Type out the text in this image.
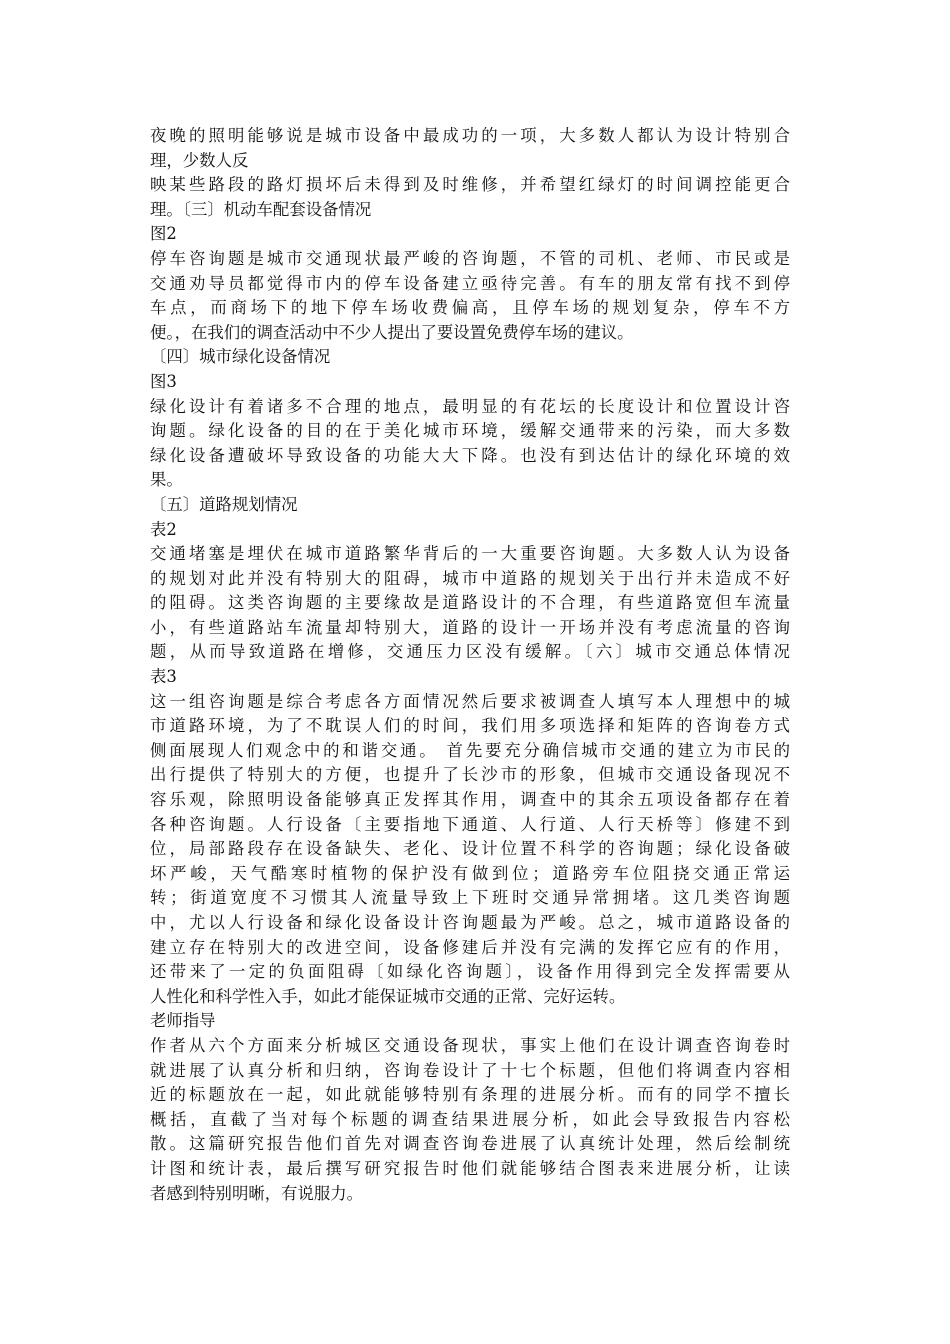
夜晚的照明能够说是城市设备中最成功的一项，大多数人都认为设计特别合
理，少数人反
映某些路段的路灯损坏后未得到及时维修，并希望红绿灯的时间调控能更合
理。〔三〕机动车配套设备情况
图2
停车咨询题是城市交通现状最严峻的咨询题，不管的司机、老师、市民或是
交通劝导员都觉得市内的停车设备建立亟待完善。有车的朋友常有找不到停
车点，而商场下的地下停车场收费偏高，且停车场的规划复杂，停车不方
便。，在我们的调查活动中不少人提出了要设置免费停车场的建议。
〔四〕城市绿化设备情况
图3
绿化设计有着诸多不合理的地点，最明显的有花坛的长度设计和位置设计咨
询题。绿化设备的目的在于美化城市环境，缓解交通带来的污染，而大多数
绿化设备遭破坏导致设备的功能大大下降。也没有到达估计的绿化环境的效
果。
〔五〕道路规划情况
表2
交通堵塞是埋伏在城市道路繁华背后的一大重要咨询题。大多数人认为设备
的规划对此并没有特别大的阻碍，城市中道路的规划关于出行并未造成不好
的阻碍。这类咨询题的主要缘故是道路设计的不合理，有些道路宽但车流量
小，有些道路站车流量却特别大，道路的设计一开场并没有考虑流量的咨询
题，从而导致道路在增修，交通压力区没有缓解。〔六〕城市交通总体情况
表3
这一组咨询题是综合考虑各方面情况然后要求被调查人填写本人理想中的城
市道路环境，为了不耽误人们的时间，我们用多项选择和矩阵的咨询卷方式
侧面展现人们观念中的和谐交通。 首先要充分确信城市交通的建立为市民的
出行提供了特别大的方便，也提升了长沙市的形象，但城市交通设备现况不
容乐观，除照明设备能够真正发挥其作用，调查中的其余五项设备都存在着
各种咨询题。人行设备〔主要指地下通道、人行道、人行天桥等〕修建不到
位，局部路段存在设备缺失、老化、设计位置不科学的咨询题；绿化设备破
坏严峻，天气酷寒时植物的保护没有做到位；道路旁车位阻挠交通正常运
转；街道宽度不习惯其人流量导致上下班时交通异常拥堵。这几类咨询题
中，尤以人行设备和绿化设备设计咨询题最为严峻。总之，城市道路设备的
建立存在特别大的改进空间，设备修建后并没有完满的发挥它应有的作用，
还带来了一定的负面阻碍〔如绿化咨询题〕，设备作用得到完全发挥需要从
人性化和科学性入手，如此才能保证城市交通的正常、完好运转。
老师指导
作者从六个方面来分析城区交通设备现状，事实上他们在设计调查咨询卷时
就进展了认真分析和归纳，咨询卷设计了十七个标题，但他们将调查内容相
近的标题放在一起，如此就能够特别有条理的进展分析。而有的同学不擅长
概括，直截了当对每个标题的调查结果进展分析，如此会导致报告内容松
散。这篇研究报告他们首先对调查咨询卷进展了认真统计处理，然后绘制统
计图和统计表，最后撰写研究报告时他们就能够结合图表来进展分析，让读
者感到特别明晰，有说服力。
